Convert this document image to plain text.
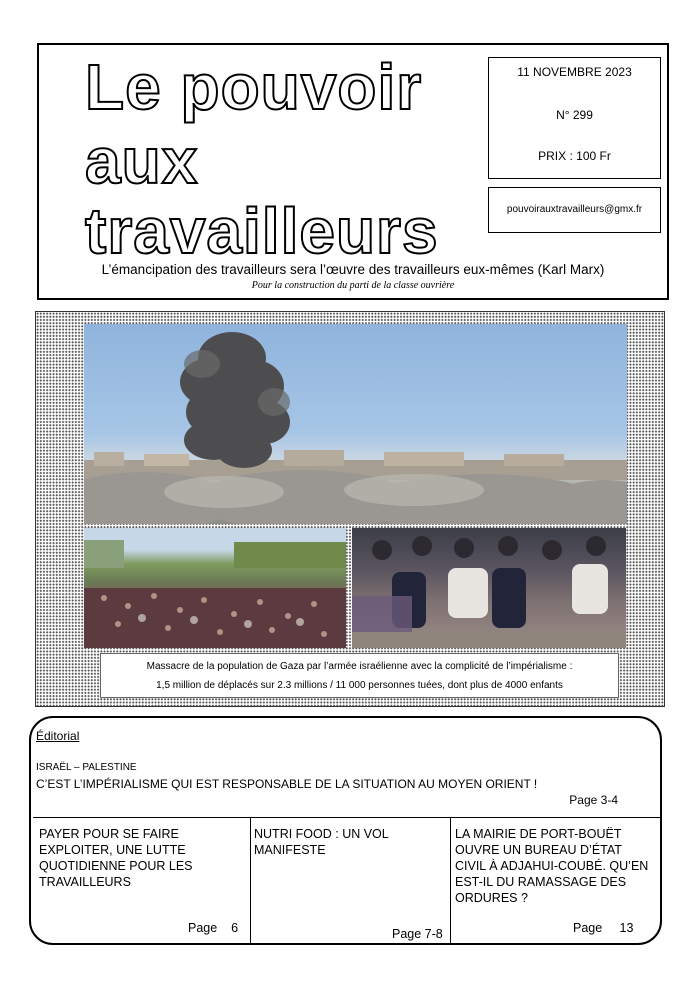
Le pouvoir
aux
travailleurs
11 NOVEMBRE 2023
N° 299
PRIX : 100 Fr
pouvoirauxtravailleurs@gmx.fr
L’émancipation des travailleurs sera l’œuvre des travailleurs eux-mêmes (Karl Marx)
Pour la construction du parti de la classe ouvrière
Massacre de la population de Gaza par l’armée israélienne avec la complicité de l’impérialisme :
1,5 million de déplacés sur 2.3 millions / 11 000 personnes tuées, dont plus de 4000 enfants
Éditorial
ISRAËL – PALESTINE
C’EST L’IMPÉRIALISME QUI EST RESPONSABLE DE LA SITUATION AU MOYEN ORIENT !
Page 3-4
PAYER POUR SE FAIRE EXPLOITER, UNE LUTTE QUOTIDIENNE POUR LES TRAVAILLEURS
NUTRI FOOD : UN VOL MANIFESTE
LA MAIRIE DE PORT-BOUËT OUVRE UN BUREAU D’ÉTAT CIVIL À ADJAHUI-COUBÉ. QU’EN EST-IL DU RAMASSAGE DES ORDURES ?
Page    6	Page 7-8	Page     13
